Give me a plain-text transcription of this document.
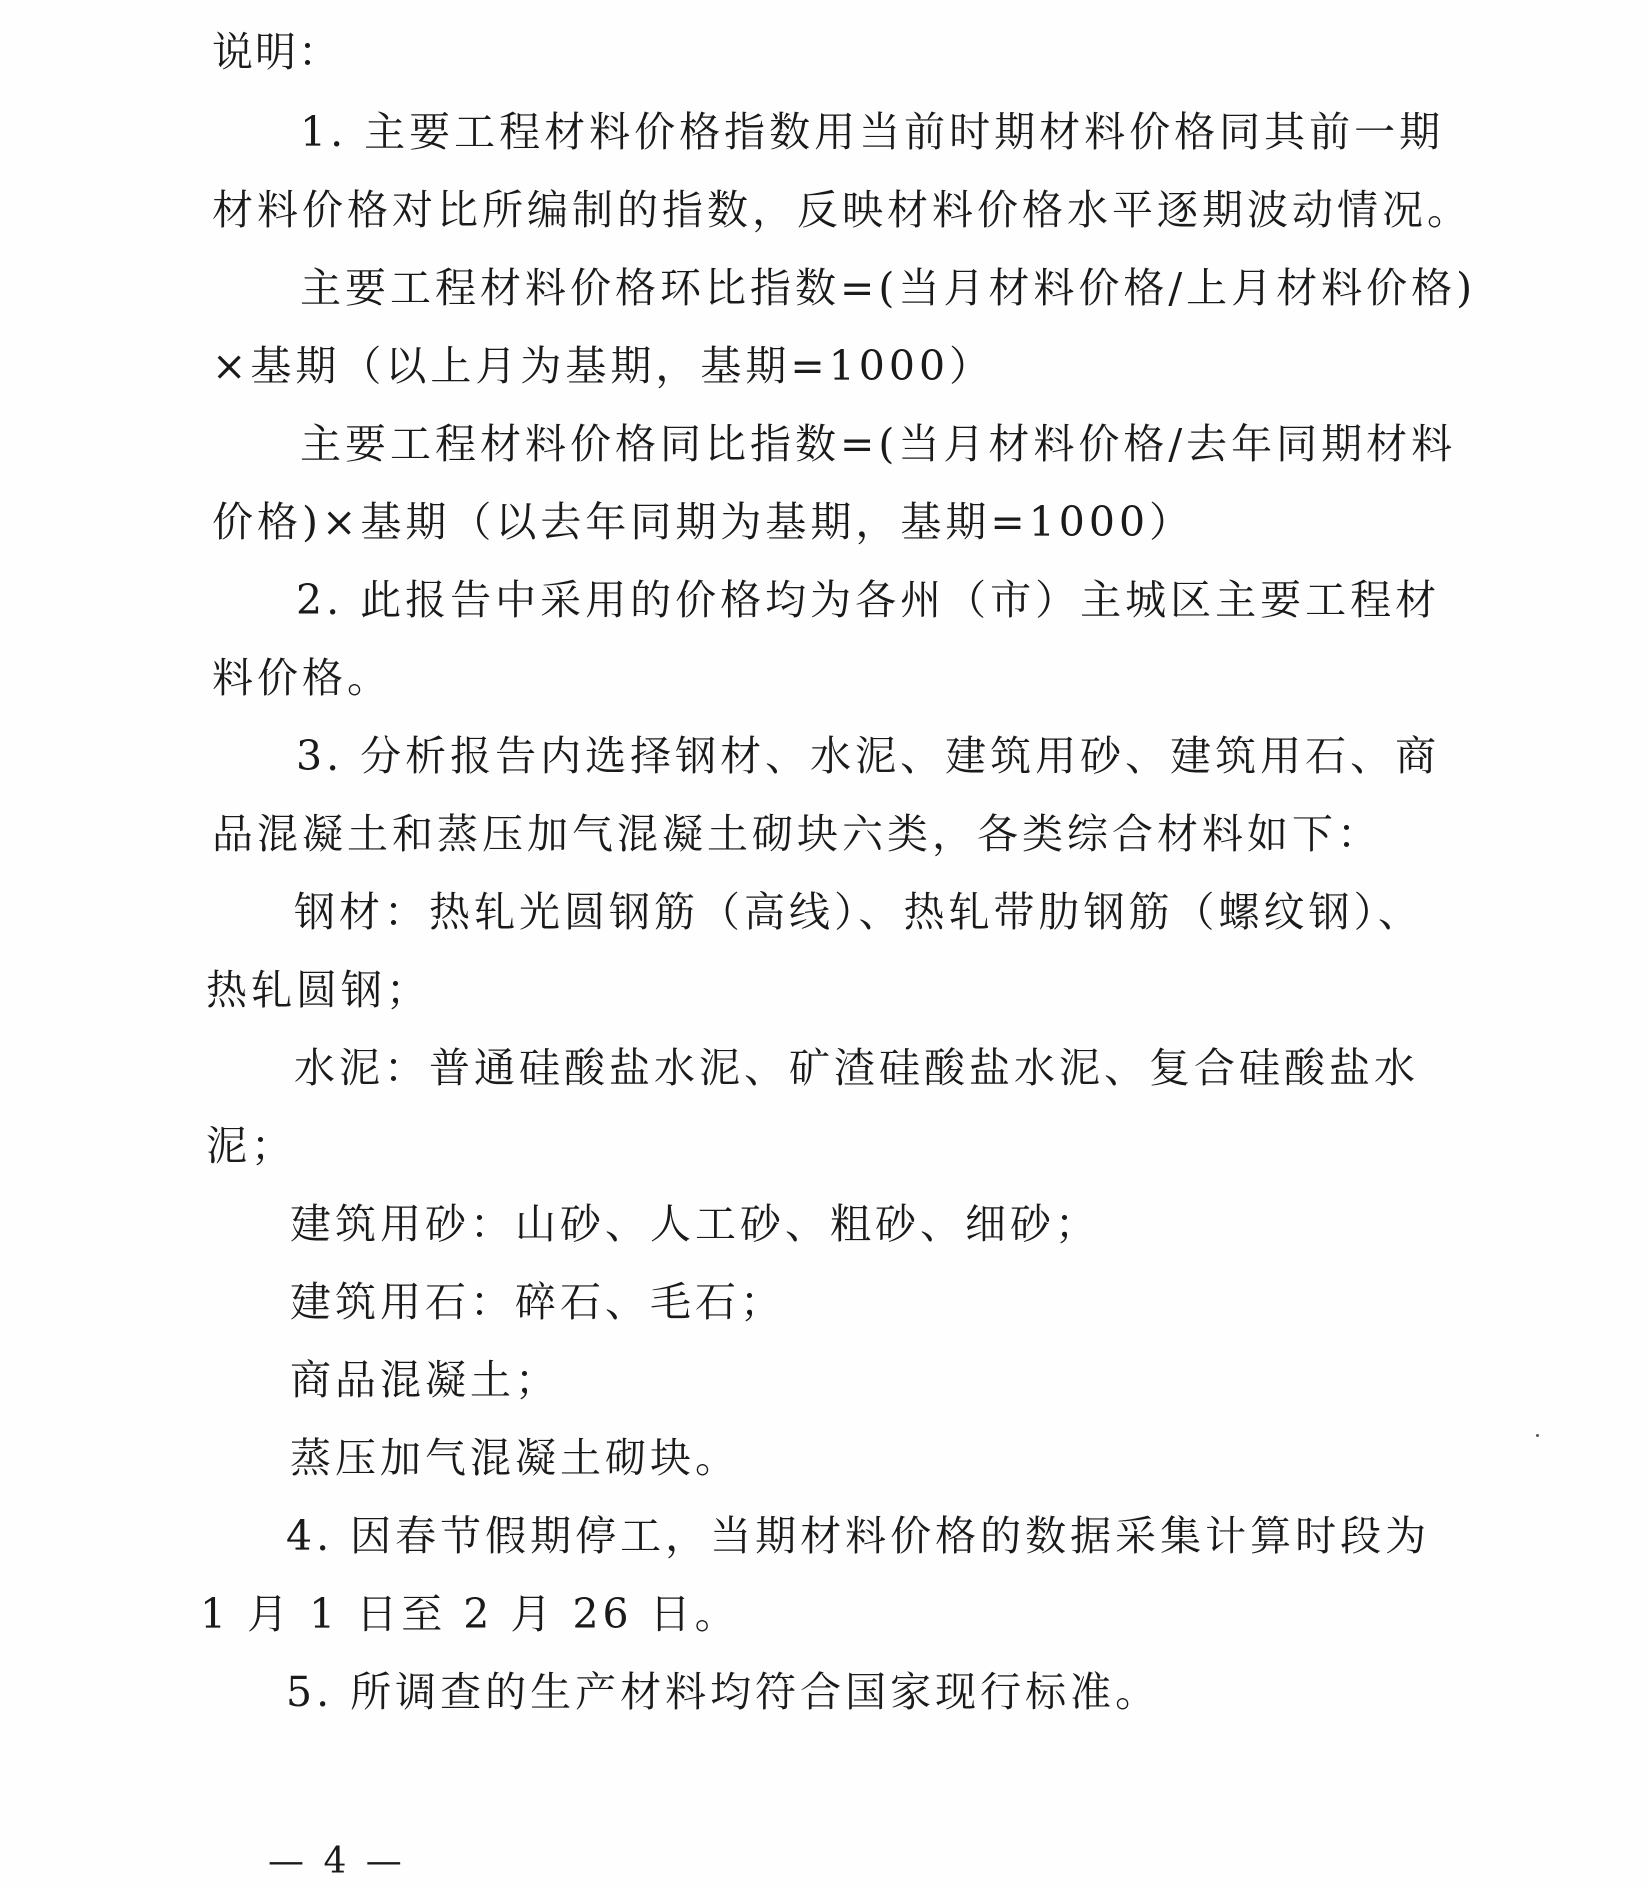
说明：
1. 主要工程材料价格指数用当前时期材料价格同其前一期
材料价格对比所编制的指数，反映材料价格水平逐期波动情况。
主要工程材料价格环比指数=(当月材料价格/上月材料价格)
×基期（以上月为基期，基期=1000）
主要工程材料价格同比指数=(当月材料价格/去年同期材料
价格)×基期（以去年同期为基期，基期=1000）
2. 此报告中采用的价格均为各州（市）主城区主要工程材
料价格。
3. 分析报告内选择钢材、水泥、建筑用砂、建筑用石、商
品混凝土和蒸压加气混凝土砌块六类，各类综合材料如下：
钢材：热轧光圆钢筋（高线）、热轧带肋钢筋（螺纹钢）、
热轧圆钢；
水泥：普通硅酸盐水泥、矿渣硅酸盐水泥、复合硅酸盐水
泥；
建筑用砂：山砂、人工砂、粗砂、细砂；
建筑用石：碎石、毛石；
商品混凝土；
蒸压加气混凝土砌块。
4. 因春节假期停工，当期材料价格的数据采集计算时段为
1 月 1 日至 2 月 26 日。
5. 所调查的生产材料均符合国家现行标准。
— 4 —
